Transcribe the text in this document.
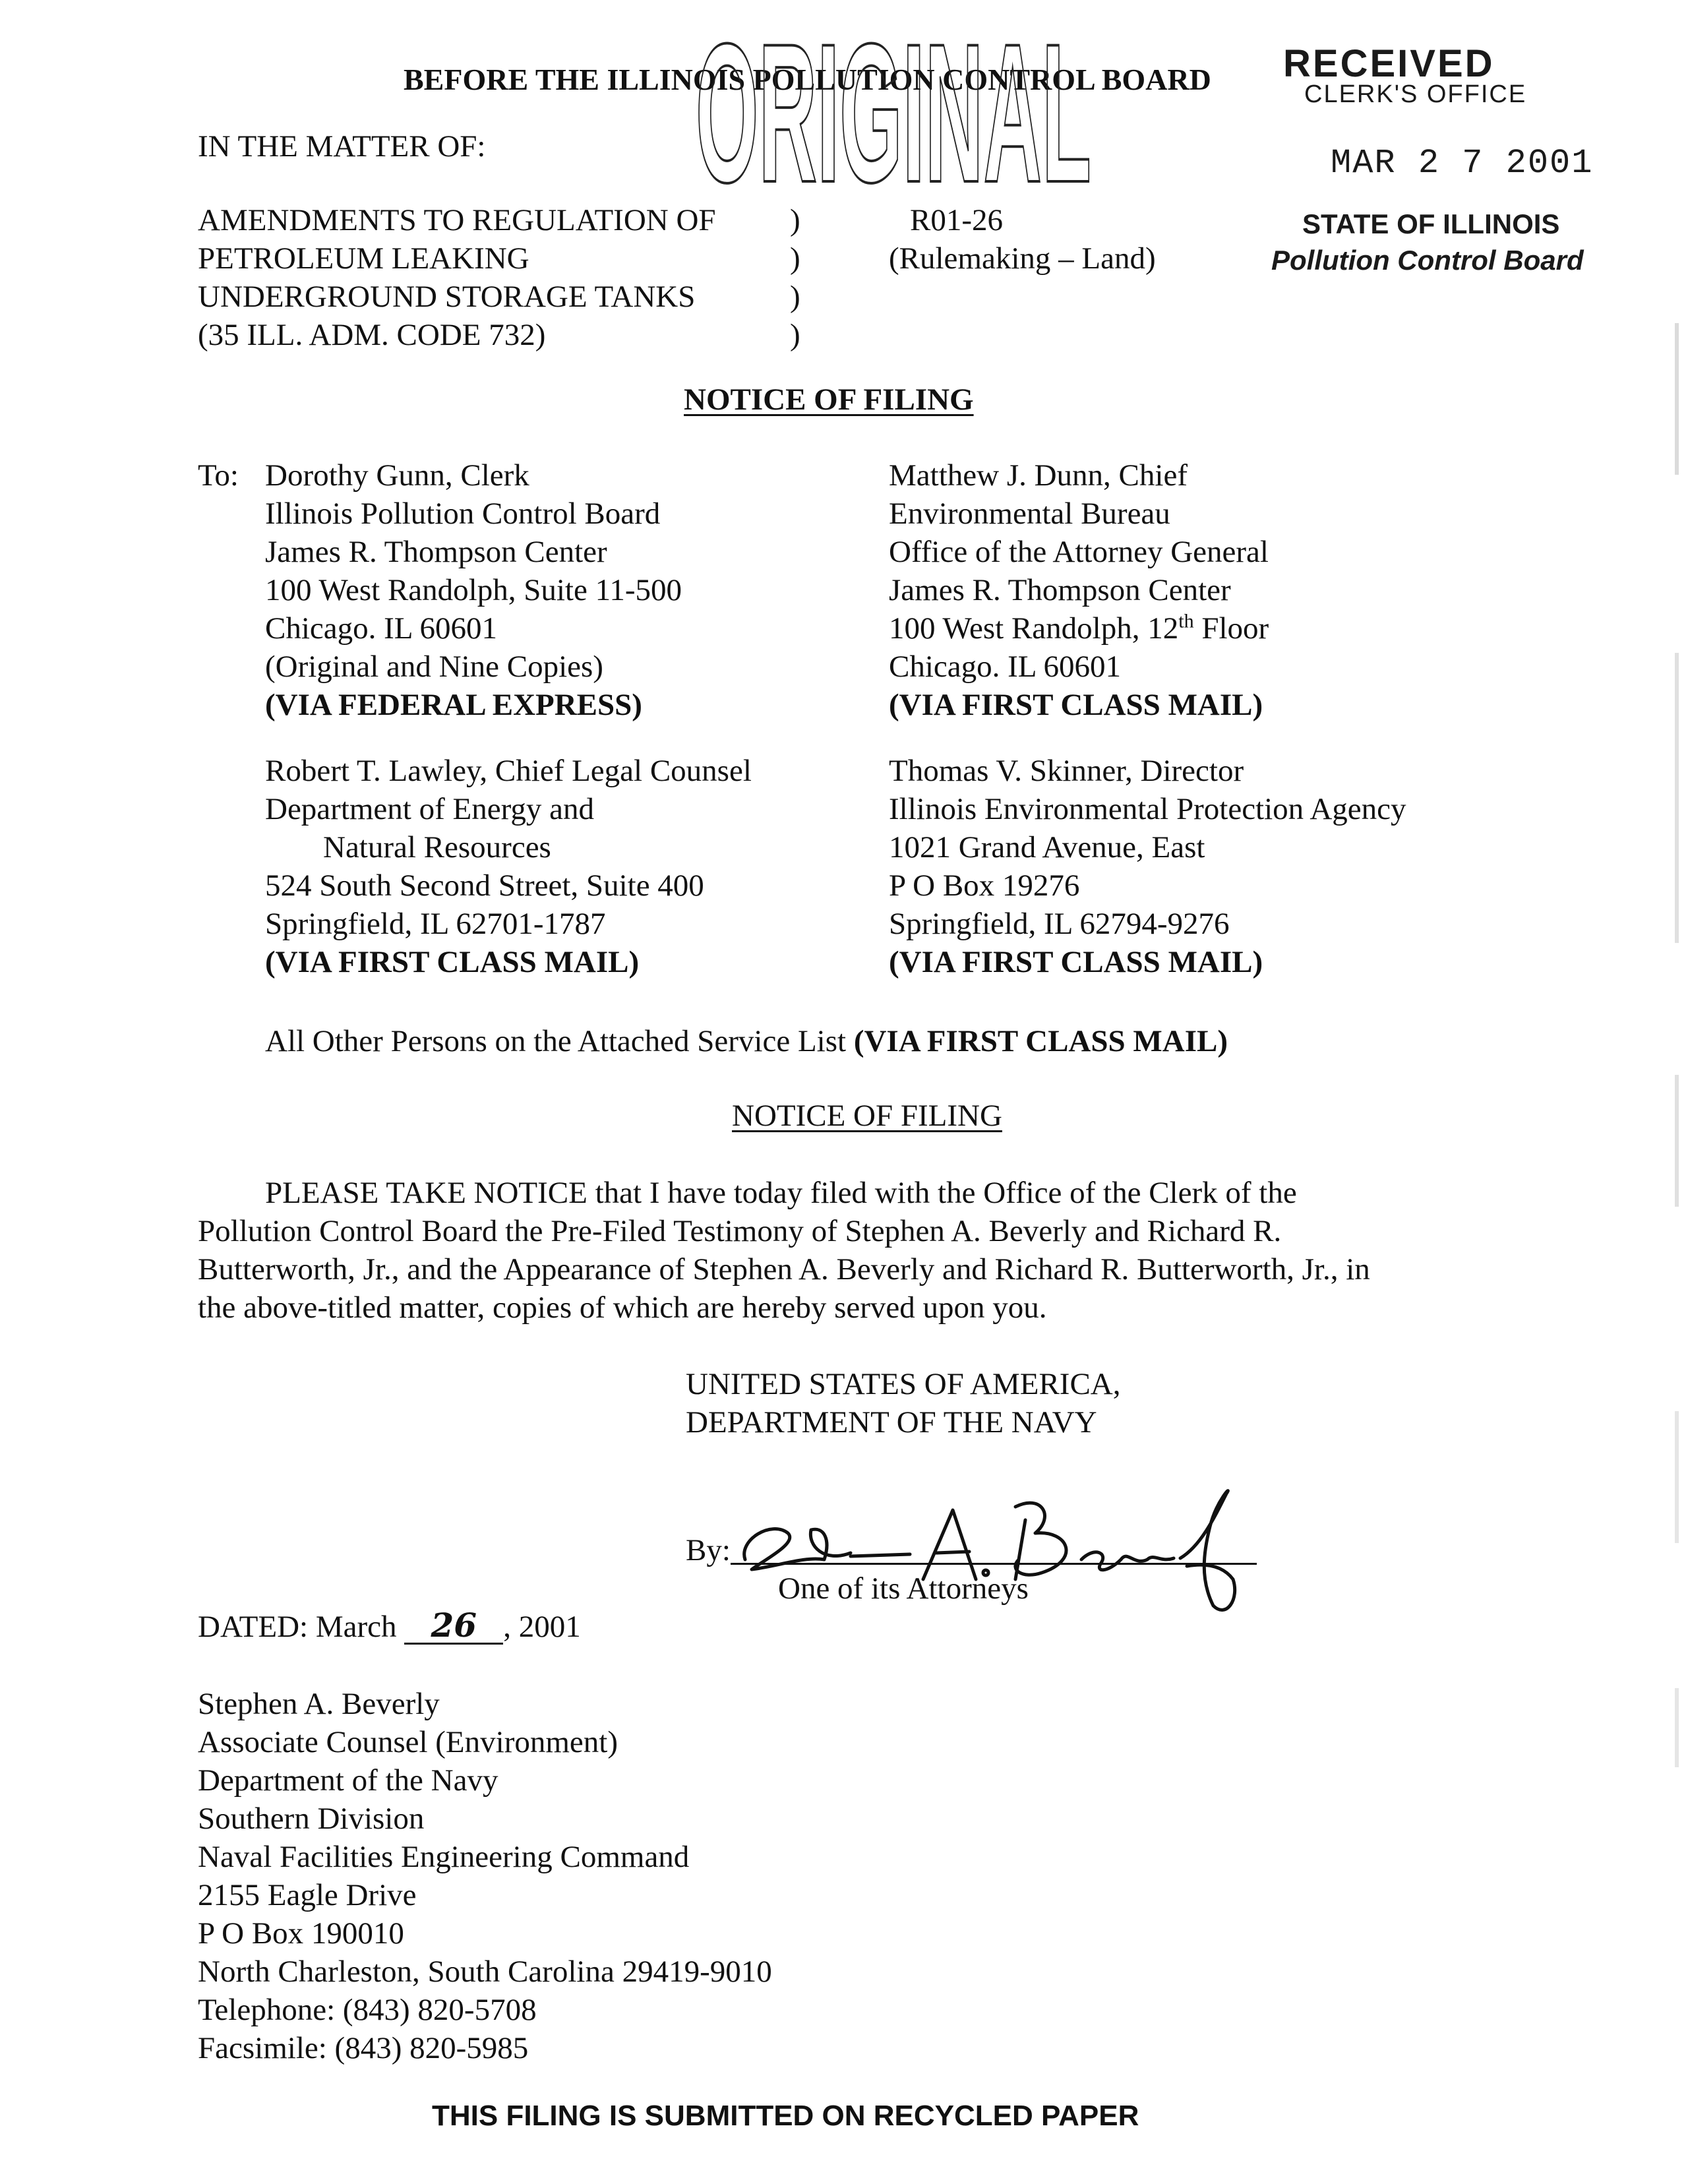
BEFORE THE ILLINOIS POLLUTION CONTROL BOARD
ORIGINAL	RECEIVED
CLERK'S OFFICE
MAR 2 7 2001
STATE OF ILLINOIS
Pollution Control Board
IN THE MATTER OF:
AMENDMENTS TO REGULATION OF
PETROLEUM LEAKING
UNDERGROUND STORAGE TANKS
(35 ILL. ADM. CODE 732)
)
)
)
)
R01-26
(Rulemaking – Land)
NOTICE OF FILING
To: Dorothy Gunn, Clerk
Illinois Pollution Control Board
James R. Thompson Center
100 West Randolph, Suite 11-500
Chicago. IL 60601
(Original and Nine Copies)
(VIA FEDERAL EXPRESS)
Matthew J. Dunn, Chief
Environmental Bureau
Office of the Attorney General
James R. Thompson Center
100 West Randolph, 12th Floor
Chicago. IL 60601
(VIA FIRST CLASS MAIL)
Robert T. Lawley, Chief Legal Counsel
Department of Energy and
Natural Resources
524 South Second Street, Suite 400
Springfield, IL 62701-1787
(VIA FIRST CLASS MAIL)
Thomas V. Skinner, Director
Illinois Environmental Protection Agency
1021 Grand Avenue, East
P O Box 19276
Springfield, IL 62794-9276
(VIA FIRST CLASS MAIL)
All Other Persons on the Attached Service List (VIA FIRST CLASS MAIL)
NOTICE OF FILING
PLEASE TAKE NOTICE that I have today filed with the Office of the Clerk of the
Pollution Control Board the Pre-Filed Testimony of Stephen A. Beverly and Richard R.
Butterworth, Jr., and the Appearance of Stephen A. Beverly and Richard R. Butterworth, Jr., in
the above-titled matter, copies of which are hereby served upon you.
UNITED STATES OF AMERICA,
DEPARTMENT OF THE NAVY
By:
One of its Attorneys
DATED: March 26 , 2001
Stephen A. Beverly
Associate Counsel (Environment)
Department of the Navy
Southern Division
Naval Facilities Engineering Command
2155 Eagle Drive
P O Box 190010
North Charleston, South Carolina 29419-9010
Telephone: (843) 820-5708
Facsimile: (843) 820-5985
THIS FILING IS SUBMITTED ON RECYCLED PAPER
